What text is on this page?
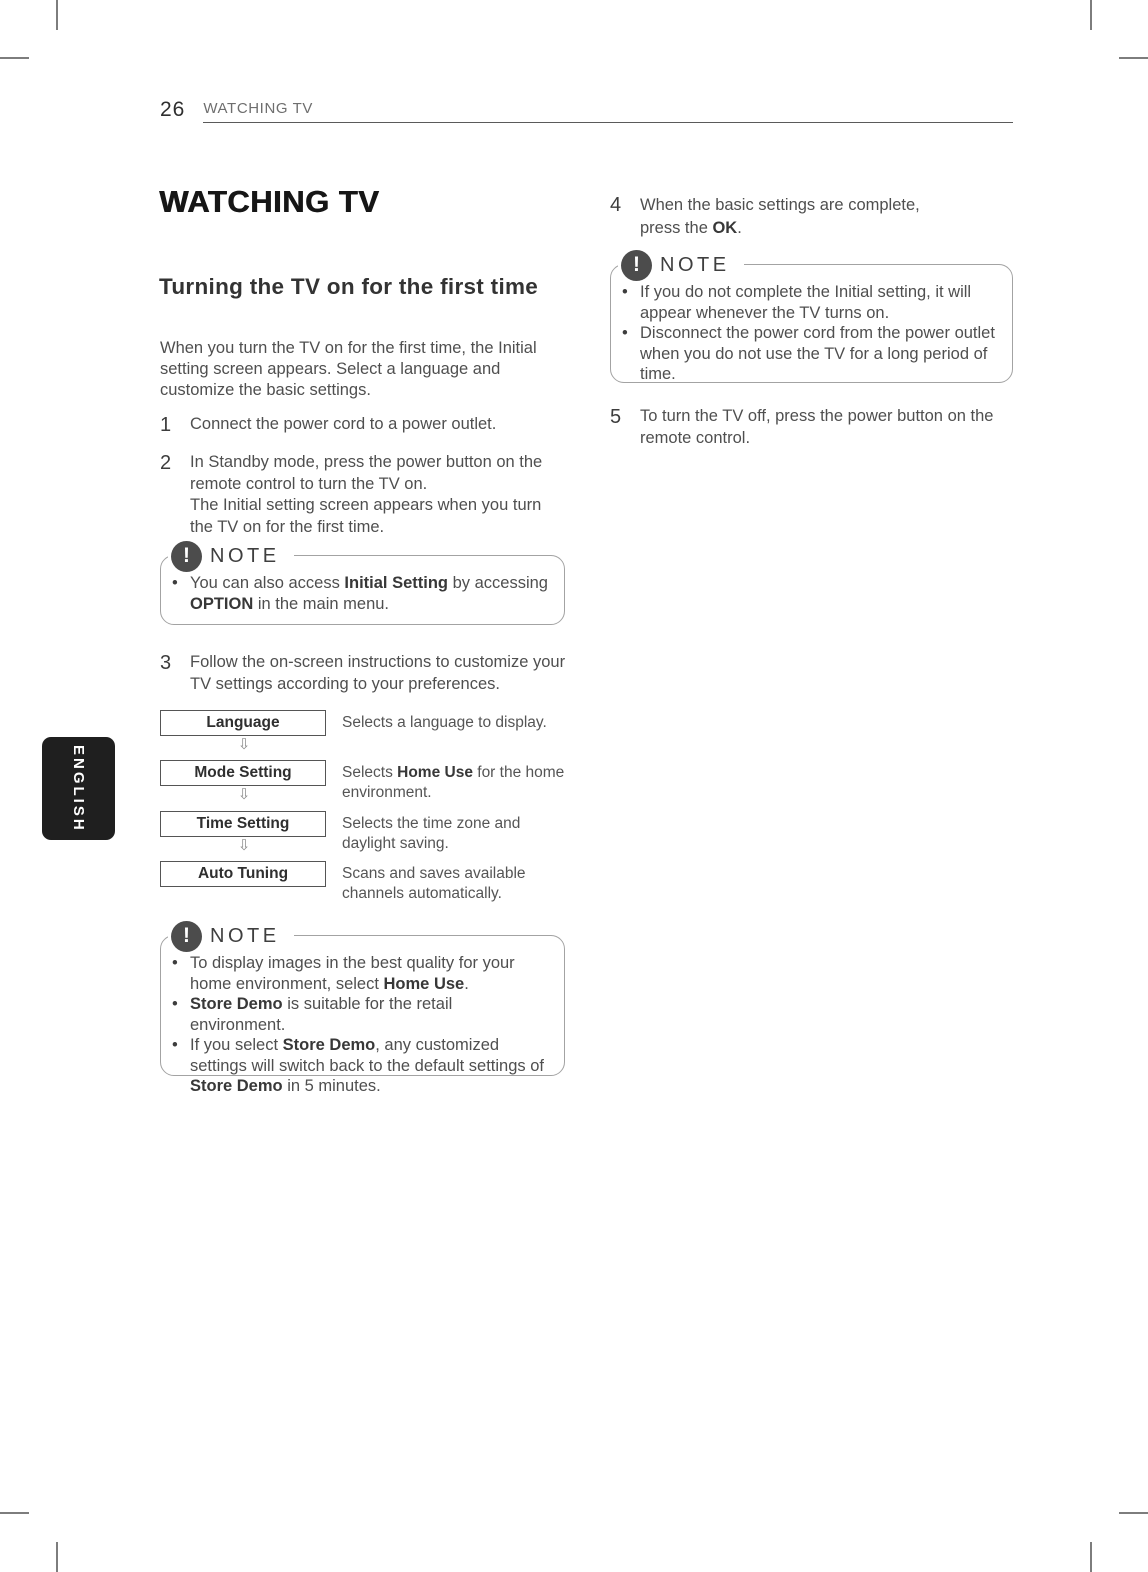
26 WATCHING TV
ENGLISH
WATCHING TV
Turning the TV on for the first time
When you turn the TV on for the first time, the Initial setting screen appears. Select a language and customize the basic settings.
1	Connect the power cord to a power outlet.
2	In Standby mode, press the power button on the remote control to turn the TV on.
The Initial setting screen appears when you turn the TV on for the first time.
! NOTE
• You can also access Initial Setting by accessing OPTION in the main menu.
3	Follow the on-screen instructions to customize your TV settings according to your preferences.
Language	Selects a language to display.
⇩
Mode Setting	Selects Home Use for the home environment.
⇩
Time Setting	Selects the time zone and daylight saving.
⇩
Auto Tuning	Scans and saves available channels automatically.
! NOTE
• To display images in the best quality for your home environment, select Home Use.
• Store Demo is suitable for the retail environment.
• If you select Store Demo, any customized settings will switch back to the default settings of Store Demo in 5 minutes.
4	When the basic settings are complete,
press the OK.
! NOTE
• If you do not complete the Initial setting, it will appear whenever the TV turns on.
• Disconnect the power cord from the power outlet when you do not use the TV for a long period of time.
5	To turn the TV off, press the power button on the remote control.
